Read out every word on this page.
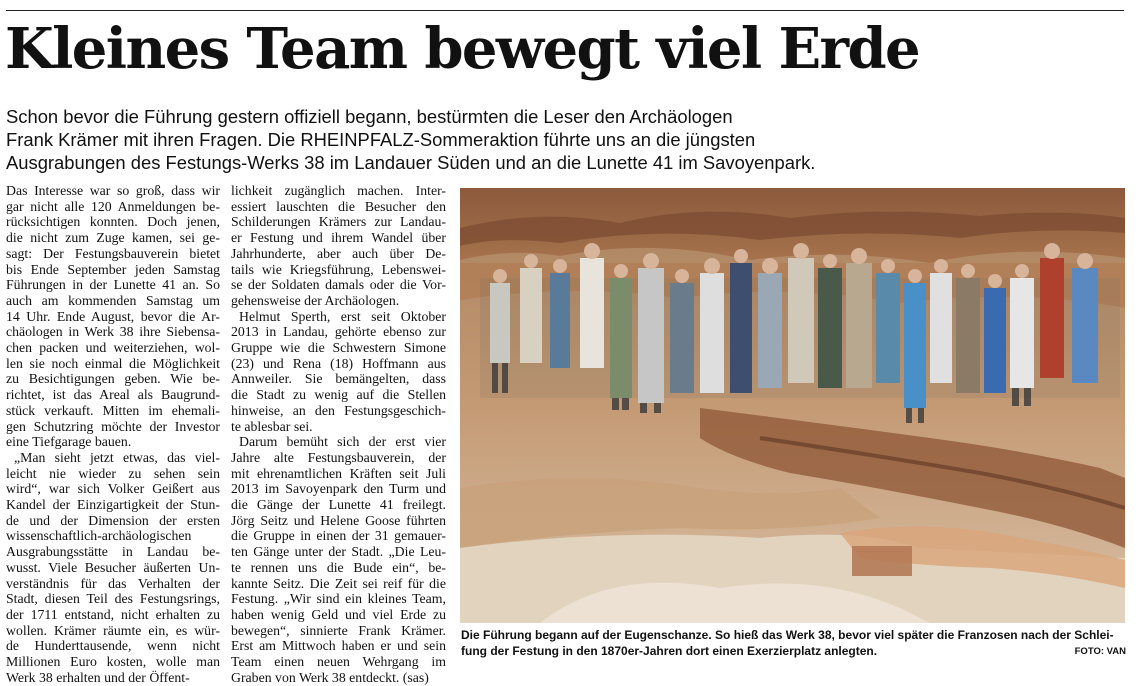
Kleines Team bewegt viel Erde
Schon bevor die Führung gestern offiziell begann, bestürmten die Leser den Archäologen
Frank Krämer mit ihren Fragen. Die RHEINPFALZ-Sommeraktion führte uns an die jüngsten
Ausgrabungen des Festungs-Werks 38 im Landauer Süden und an die Lunette 41 im Savoyenpark.
Das Interesse war so groß, dass wir
gar nicht alle 120 Anmeldungen be-
rücksichtigen konnten. Doch jenen,
die nicht zum Zuge kamen, sei ge-
sagt: Der Festungsbauverein bietet
bis Ende September jeden Samstag
Führungen in der Lunette 41 an. So
auch am kommenden Samstag um
14 Uhr. Ende August, bevor die Ar-
chäologen in Werk 38 ihre Siebensa-
chen packen und weiterziehen, wol-
len sie noch einmal die Möglichkeit
zu Besichtigungen geben. Wie be-
richtet, ist das Areal als Baugrund-
stück verkauft. Mitten im ehemali-
gen Schutzring möchte der Investor
eine Tiefgarage bauen.
„Man sieht jetzt etwas, das viel-
leicht nie wieder zu sehen sein
wird“, war sich Volker Geißert aus
Kandel der Einzigartigkeit der Stun-
de und der Dimension der ersten
wissenschaftlich-archäologischen
Ausgrabungsstätte in Landau be-
wusst. Viele Besucher äußerten Un-
verständnis für das Verhalten der
Stadt, diesen Teil des Festungsrings,
der 1711 entstand, nicht erhalten zu
wollen. Krämer räumte ein, es wür-
de Hunderttausende, wenn nicht
Millionen Euro kosten, wolle man
Werk 38 erhalten und der Öffent-
lichkeit zugänglich machen. Inter-
essiert lauschten die Besucher den
Schilderungen Krämers zur Landau-
er Festung und ihrem Wandel über
Jahrhunderte, aber auch über De-
tails wie Kriegsführung, Lebenswei-
se der Soldaten damals oder die Vor-
gehensweise der Archäologen.
Helmut Sperth, erst seit Oktober
2013 in Landau, gehörte ebenso zur
Gruppe wie die Schwestern Simone
(23) und Rena (18) Hoffmann aus
Annweiler. Sie bemängelten, dass
die Stadt zu wenig auf die Stellen
hinweise, an den Festungsgeschich-
te ablesbar sei.
Darum bemüht sich der erst vier
Jahre alte Festungsbauverein, der
mit ehrenamtlichen Kräften seit Juli
2013 im Savoyenpark den Turm und
die Gänge der Lunette 41 freilegt.
Jörg Seitz und Helene Goose führten
die Gruppe in einen der 31 gemauer-
ten Gänge unter der Stadt. „Die Leu-
te rennen uns die Bude ein“, be-
kannte Seitz. Die Zeit sei reif für die
Festung. „Wir sind ein kleines Team,
haben wenig Geld und viel Erde zu
bewegen“, sinnierte Frank Krämer.
Erst am Mittwoch haben er und sein
Team einen neuen Wehrgang im
Graben von Werk 38 entdeckt. (sas)
Die Führung begann auf der Eugenschanze. So hieß das Werk 38, bevor viel später die Franzosen nach der Schlei-
fung der Festung in den 1870er-Jahren dort einen Exerzierplatz anlegten.	FOTO: VAN
